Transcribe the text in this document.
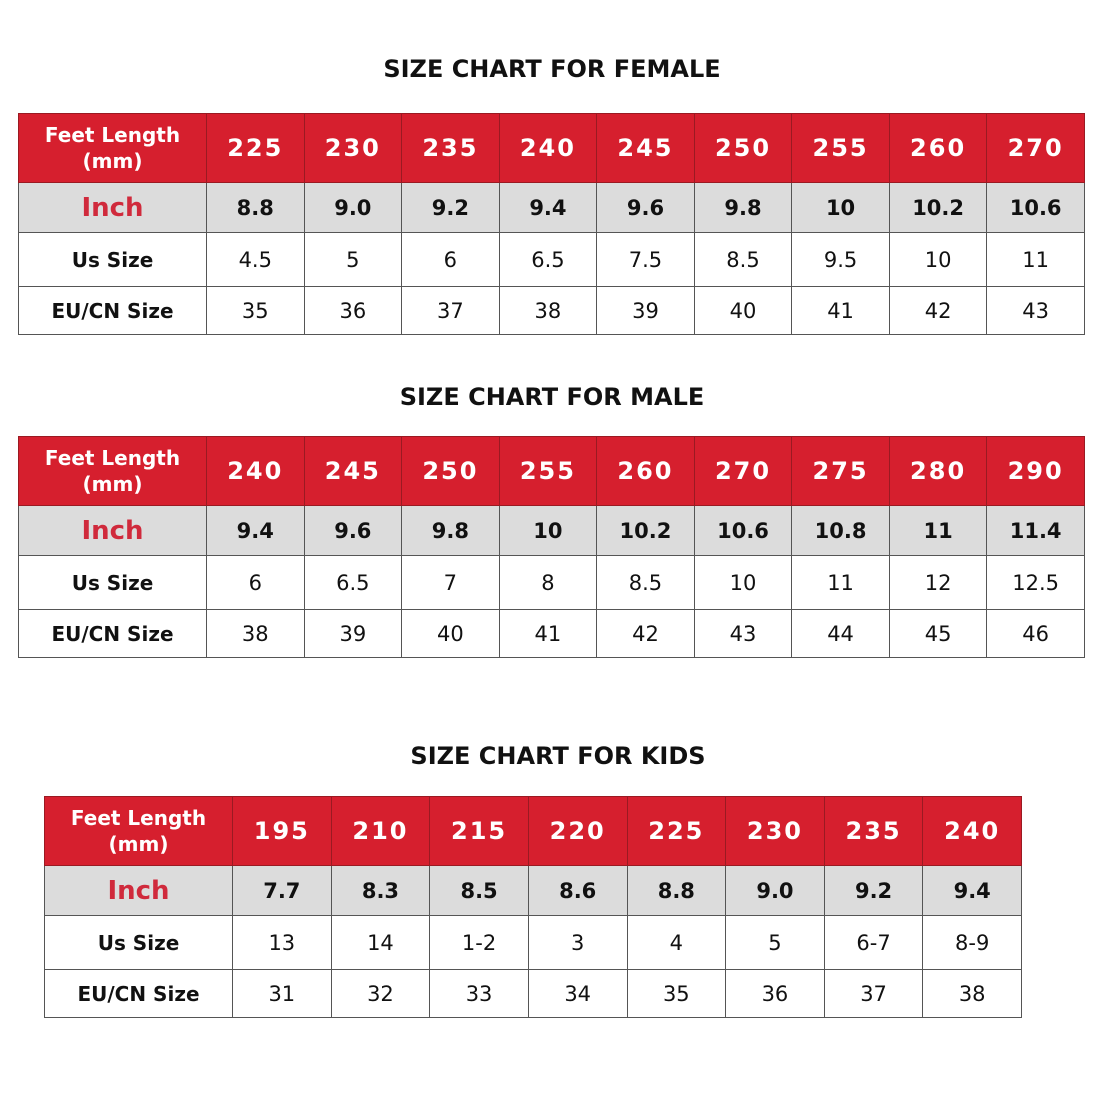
SIZE CHART FOR FEMALE
Feet Length
(mm)	225	230	235	240	245	250	255	260	270
Inch	8.8	9.0	9.2	9.4	9.6	9.8	10	10.2	10.6
Us Size	4.5	5	6	6.5	7.5	8.5	9.5	10	11
EU/CN Size	35	36	37	38	39	40	41	42	43
SIZE CHART FOR MALE
Feet Length
(mm)	240	245	250	255	260	270	275	280	290
Inch	9.4	9.6	9.8	10	10.2	10.6	10.8	11	11.4
Us Size	6	6.5	7	8	8.5	10	11	12	12.5
EU/CN Size	38	39	40	41	42	43	44	45	46
SIZE CHART FOR KIDS
Feet Length
(mm)	195	210	215	220	225	230	235	240
Inch	7.7	8.3	8.5	8.6	8.8	9.0	9.2	9.4
Us Size	13	14	1-2	3	4	5	6-7	8-9
EU/CN Size	31	32	33	34	35	36	37	38
